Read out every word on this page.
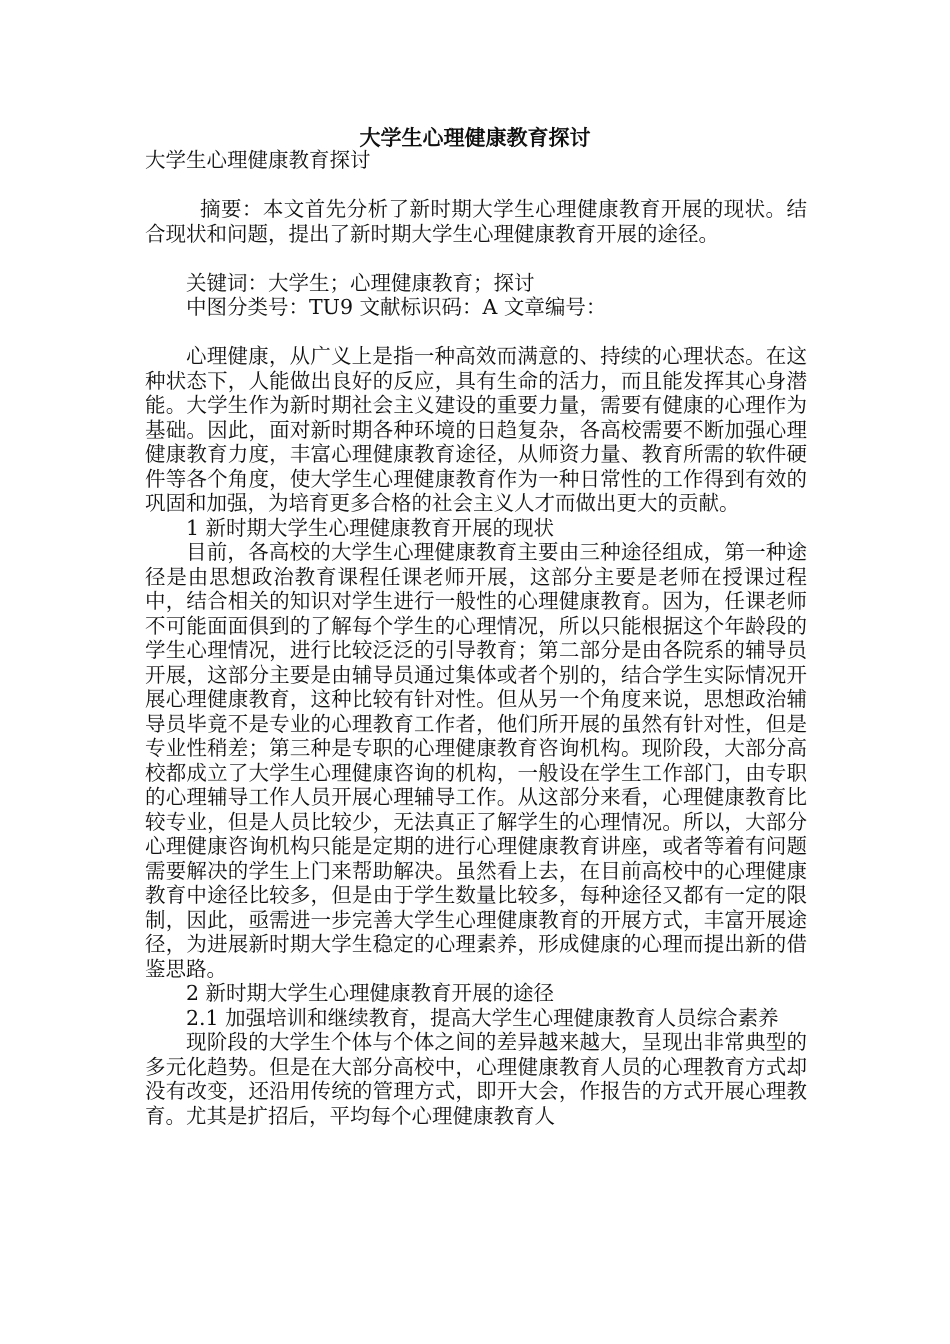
大学生心理健康教育探讨

大学生心理健康教育探讨

摘要：本文首先分析了新时期大学生心理健康教育开展的现状。结合现状和问题，提出了新时期大学生心理健康教育开展的途径。

关键词：大学生；心理健康教育；探讨

中图分类号：TU9 文献标识码：A 文章编号：

心理健康，从广义上是指一种高效而满意的、持续的心理状态。在这种状态下，人能做出良好的反应，具有生命的活力，而且能发挥其心身潜能。大学生作为新时期社会主义建设的重要力量，需要有健康的心理作为基础。因此，面对新时期各种环境的日趋复杂，各高校需要不断加强心理健康教育力度，丰富心理健康教育途径，从师资力量、教育所需的软件硬件等各个角度，使大学生心理健康教育作为一种日常性的工作得到有效的巩固和加强，为培育更多合格的社会主义人才而做出更大的贡献。

1 新时期大学生心理健康教育开展的现状

目前，各高校的大学生心理健康教育主要由三种途径组成，第一种途径是由思想政治教育课程任课老师开展，这部分主要是老师在授课过程中，结合相关的知识对学生进行一般性的心理健康教育。因为，任课老师不可能面面俱到的了解每个学生的心理情况，所以只能根据这个年龄段的学生心理情况，进行比较泛泛的引导教育；第二部分是由各院系的辅导员开展，这部分主要是由辅导员通过集体或者个别的，结合学生实际情况开展心理健康教育，这种比较有针对性。但从另一个角度来说，思想政治辅导员毕竟不是专业的心理教育工作者，他们所开展的虽然有针对性，但是专业性稍差；第三种是专职的心理健康教育咨询机构。现阶段，大部分高校都成立了大学生心理健康咨询的机构，一般设在学生工作部门，由专职的心理辅导工作人员开展心理辅导工作。从这部分来看，心理健康教育比较专业，但是人员比较少，无法真正了解学生的心理情况。所以，大部分心理健康咨询机构只能是定期的进行心理健康教育讲座，或者等着有问题需要解决的学生上门来帮助解决。虽然看上去，在目前高校中的心理健康教育中途径比较多，但是由于学生数量比较多，每种途径又都有一定的限制，因此，亟需进一步完善大学生心理健康教育的开展方式，丰富开展途径，为进展新时期大学生稳定的心理素养，形成健康的心理而提出新的借鉴思路。

2 新时期大学生心理健康教育开展的途径

2.1 加强培训和继续教育，提高大学生心理健康教育人员综合素养

现阶段的大学生个体与个体之间的差异越来越大，呈现出非常典型的多元化趋势。但是在大部分高校中，心理健康教育人员的心理教育方式却没有改变，还沿用传统的管理方式，即开大会，作报告的方式开展心理教育。尤其是扩招后，平均每个心理健康教育人
